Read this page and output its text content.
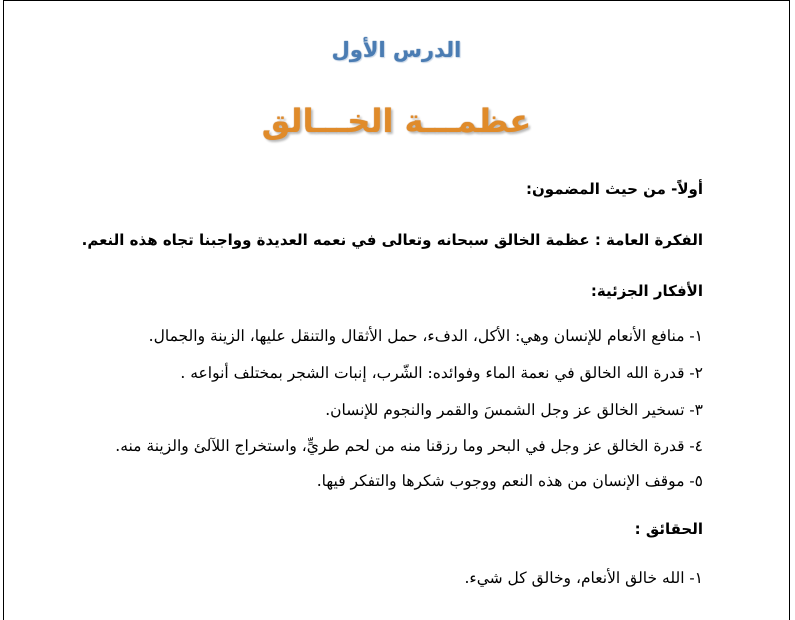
الدرس الأول
عظمـــة الخـــالق
أولاً- من حيث المضمون:
الفكرة العامة : عظمة الخالق سبحانه وتعالى في نعمه العديدة وواجبنا تجاه هذه النعم.
الأفكار الجزئية:
١- منافع الأنعام للإنسان وهي: الأكل، الدفء، حمل الأثقال والتنقل عليها، الزينة والجمال.
٢- قدرة الله الخالق في نعمة الماء وفوائده: الشّرب، إنبات الشجر بمختلف أنواعه .
٣- تسخير الخالق عز وجل الشمسَ والقمر والنجوم للإنسان.
٤- قدرة الخالق عز وجل في البحر وما رزقنا منه من لحم طريٍّ، واستخراج اللآلئ والزينة منه.
٥- موقف الإنسان من هذه النعم ووجوب شكرها والتفكر فيها.
الحقائق :
١- الله خالق الأنعام، وخالق كل شيء.
